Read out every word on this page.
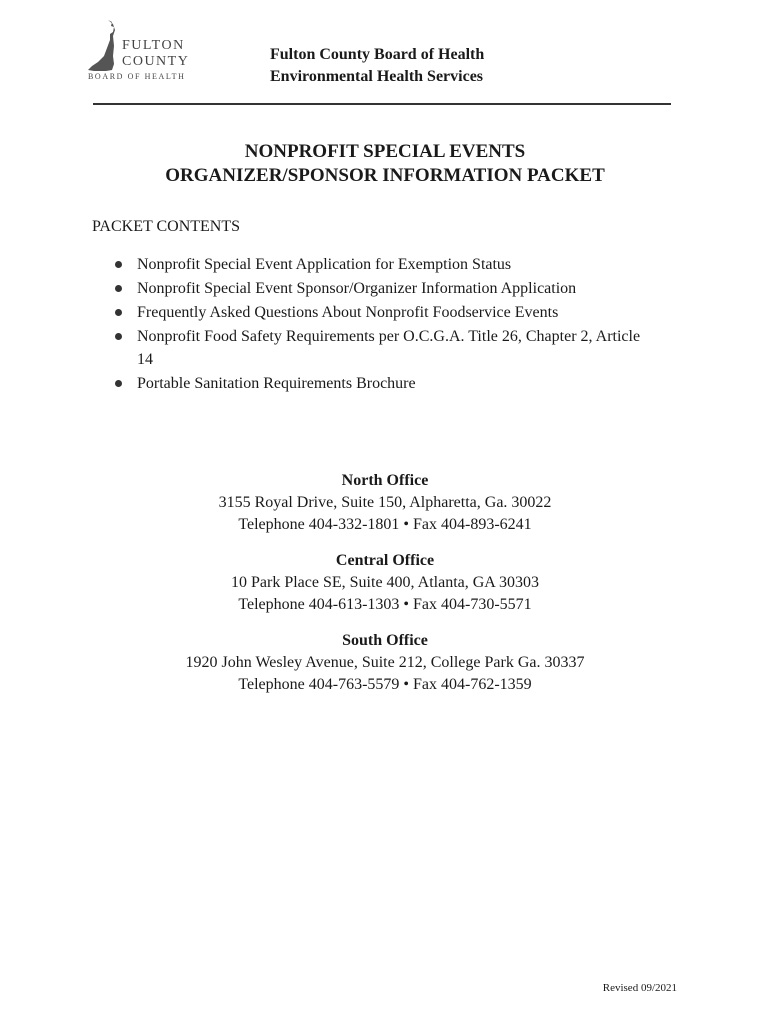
FULTON
COUNTY
BOARD OF HEALTH
Fulton County Board of Health
Environmental Health Services
NONPROFIT SPECIAL EVENTS
ORGANIZER/SPONSOR INFORMATION PACKET
PACKET CONTENTS
Nonprofit Special Event Application for Exemption Status
Nonprofit Special Event Sponsor/Organizer Information Application
Frequently Asked Questions About Nonprofit Foodservice Events
Nonprofit Food Safety Requirements per O.C.G.A. Title 26, Chapter 2, Article 14
Portable Sanitation Requirements Brochure
North Office
3155 Royal Drive, Suite 150, Alpharetta, Ga. 30022
Telephone 404-332-1801 • Fax 404-893-6241
Central Office
10 Park Place SE, Suite 400, Atlanta, GA 30303
Telephone 404-613-1303 • Fax 404-730-5571
South Office
1920 John Wesley Avenue, Suite 212, College Park Ga. 30337
Telephone 404-763-5579 • Fax 404-762-1359
Revised 09/2021
